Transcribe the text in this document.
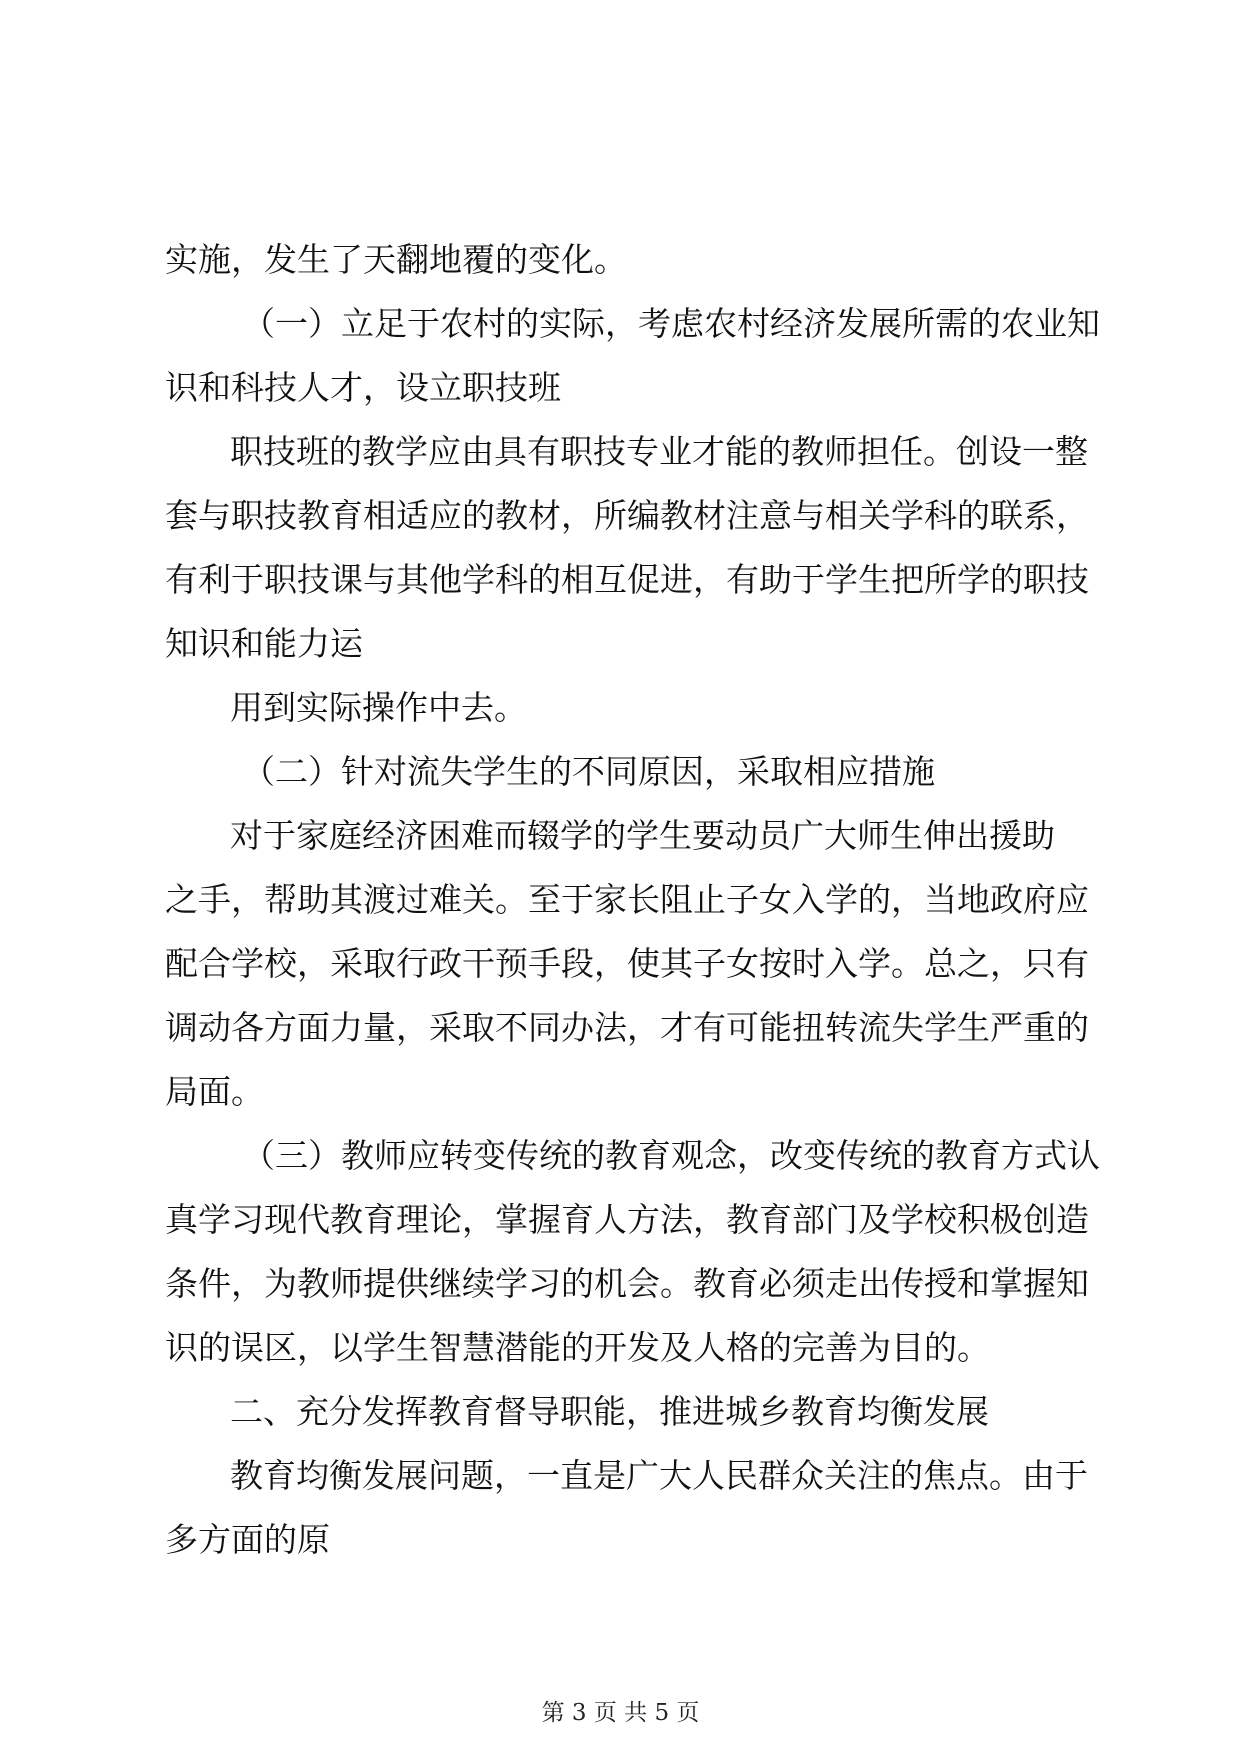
实施，发生了天翻地覆的变化。
（一）立足于农村的实际，考虑农村经济发展所需的农业知
识和科技人才，设立职技班
职技班的教学应由具有职技专业才能的教师担任。创设一整
套与职技教育相适应的教材，所编教材注意与相关学科的联系，
有利于职技课与其他学科的相互促进，有助于学生把所学的职技
知识和能力运
用到实际操作中去。
（二）针对流失学生的不同原因，采取相应措施
对于家庭经济困难而辍学的学生要动员广大师生伸出援助
之手，帮助其渡过难关。至于家长阻止子女入学的，当地政府应
配合学校，采取行政干预手段，使其子女按时入学。总之，只有
调动各方面力量，采取不同办法，才有可能扭转流失学生严重的
局面。
（三）教师应转变传统的教育观念，改变传统的教育方式认
真学习现代教育理论，掌握育人方法，教育部门及学校积极创造
条件，为教师提供继续学习的机会。教育必须走出传授和掌握知
识的误区，以学生智慧潜能的开发及人格的完善为目的。
二、充分发挥教育督导职能，推进城乡教育均衡发展
教育均衡发展问题，一直是广大人民群众关注的焦点。由于
多方面的原
第 3 页 共 5 页
